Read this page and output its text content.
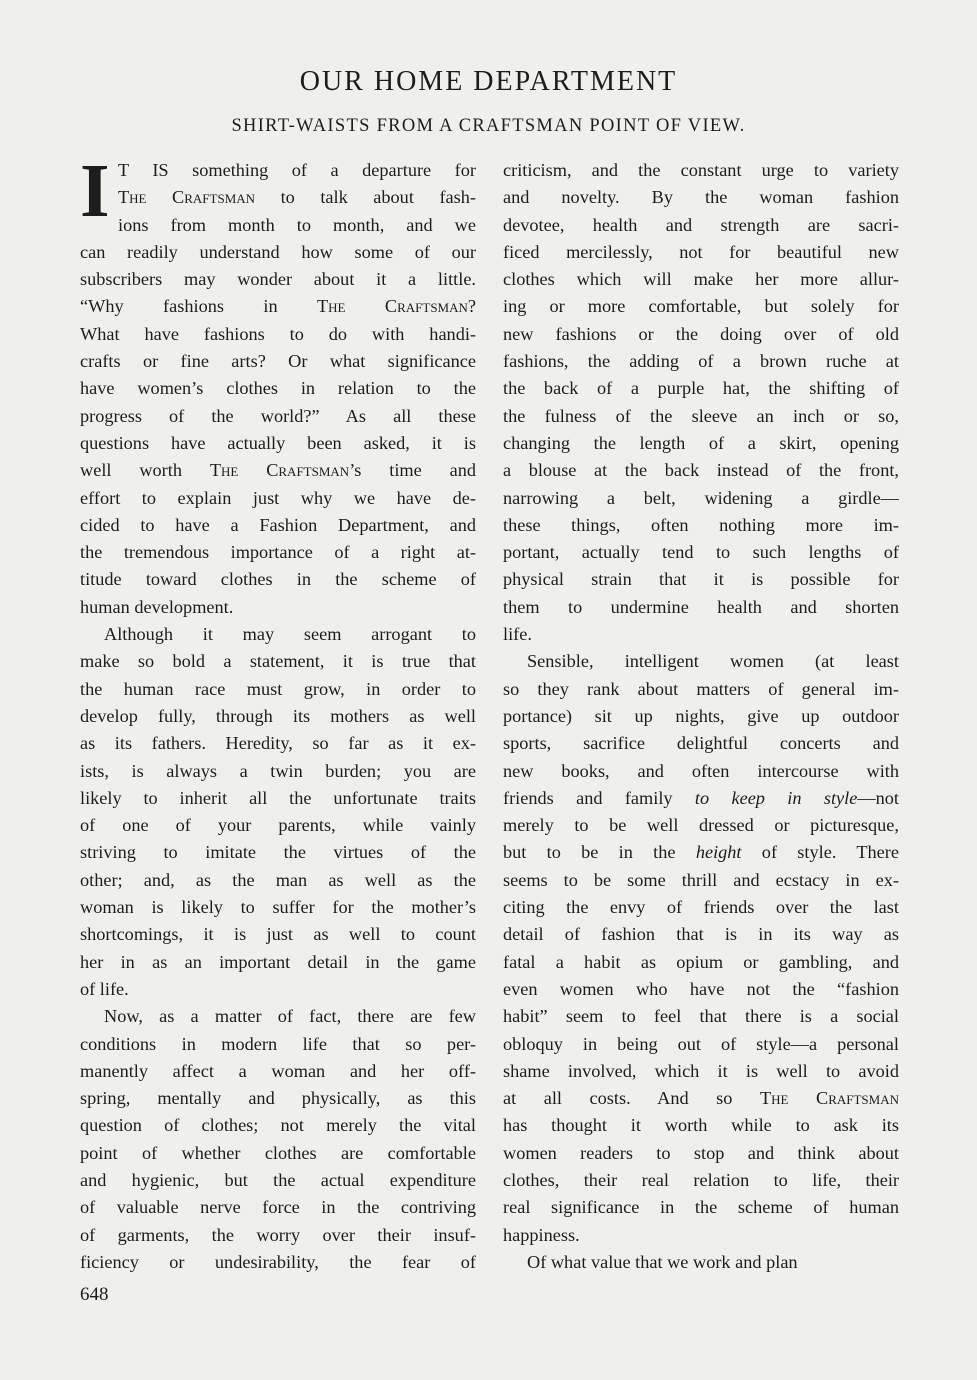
OUR HOME DEPARTMENT
SHIRT-WAISTS FROM A CRAFTSMAN POINT OF VIEW.
I T IS something of a departure for
The Craftsman to talk about fash-
ions from month to month, and we
can readily understand how some of our
subscribers may wonder about it a little.
“Why fashions in The Craftsman?
What have fashions to do with handi-
crafts or fine arts? Or what significance
have women’s clothes in relation to the
progress of the world?” As all these
questions have actually been asked, it is
well worth The Craftsman’s time and
effort to explain just why we have de-
cided to have a Fashion Department, and
the tremendous importance of a right at-
titude toward clothes in the scheme of
human development.
Although it may seem arrogant to
make so bold a statement, it is true that
the human race must grow, in order to
develop fully, through its mothers as well
as its fathers. Heredity, so far as it ex-
ists, is always a twin burden; you are
likely to inherit all the unfortunate traits
of one of your parents, while vainly
striving to imitate the virtues of the
other; and, as the man as well as the
woman is likely to suffer for the mother’s
shortcomings, it is just as well to count
her in as an important detail in the game
of life.
Now, as a matter of fact, there are few
conditions in modern life that so per-
manently affect a woman and her off-
spring, mentally and physically, as this
question of clothes; not merely the vital
point of whether clothes are comfortable
and hygienic, but the actual expenditure
of valuable nerve force in the contriving
of garments, the worry over their insuf-
ficiency or undesirability, the fear of
criticism, and the constant urge to variety
and novelty. By the woman fashion
devotee, health and strength are sacri-
ficed mercilessly, not for beautiful new
clothes which will make her more allur-
ing or more comfortable, but solely for
new fashions or the doing over of old
fashions, the adding of a brown ruche at
the back of a purple hat, the shifting of
the fulness of the sleeve an inch or so,
changing the length of a skirt, opening
a blouse at the back instead of the front,
narrowing a belt, widening a girdle—
these things, often nothing more im-
portant, actually tend to such lengths of
physical strain that it is possible for
them to undermine health and shorten
life.
Sensible, intelligent women (at least
so they rank about matters of general im-
portance) sit up nights, give up outdoor
sports, sacrifice delightful concerts and
new books, and often intercourse with
friends and family to keep in style—not
merely to be well dressed or picturesque,
but to be in the height of style. There
seems to be some thrill and ecstacy in ex-
citing the envy of friends over the last
detail of fashion that is in its way as
fatal a habit as opium or gambling, and
even women who have not the “fashion
habit” seem to feel that there is a social
obloquy in being out of style—a personal
shame involved, which it is well to avoid
at all costs. And so The Craftsman
has thought it worth while to ask its
women readers to stop and think about
clothes, their real relation to life, their
real significance in the scheme of human
happiness.
Of what value that we work and plan
648
